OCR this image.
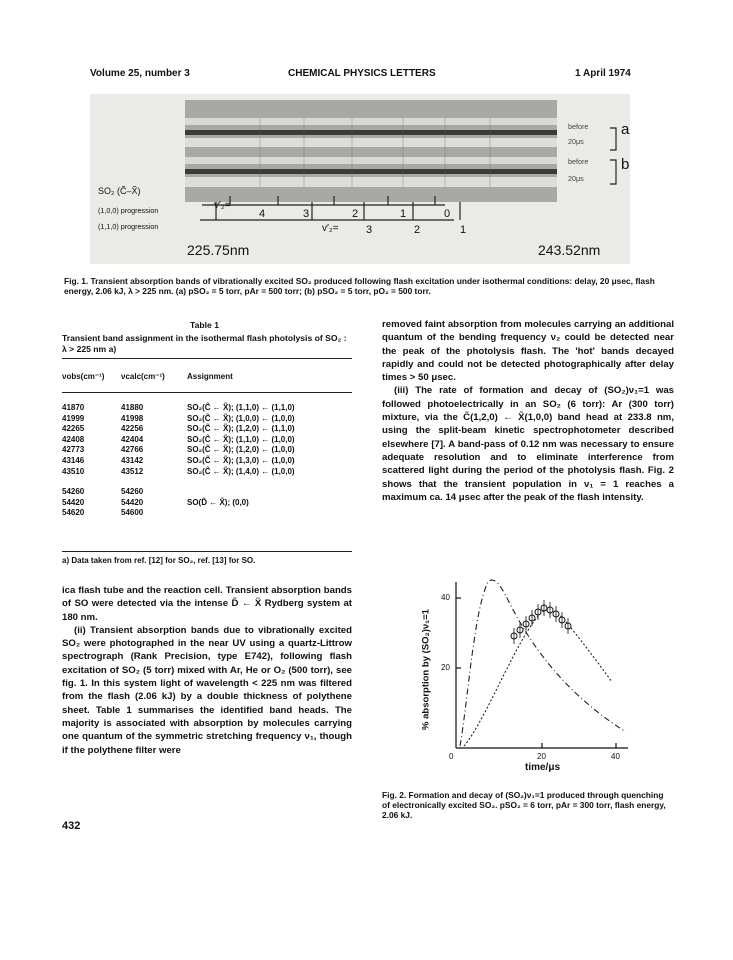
Volume 25, number 3	CHEMICAL PHYSICS LETTERS	1 April 1974
SO₂ (C̃–X̃)
(1,0,0) progression
(1,1,0) progression
before
20μs
before
20μs
a
b
v′₂=
v′₂=
4	3	2	1	0
3	2	1
225.75nm	243.52nm
Fig. 1. Transient absorption bands of vibrationally excited SO₂ produced following flash excitation under isothermal conditions: delay, 20 μsec, flash energy, 2.06 kJ, λ > 225 nm. (a) pSO₂ = 5 torr, pAr = 500 torr; (b) pSO₂ = 5 torr, pO₂ = 500 torr.
Table 1
Transient band assignment in the isothermal flash photolysis of SO₂ : λ > 225 nm a)
νobs(cm⁻¹)	νcalc(cm⁻¹)	Assignment
41870	41880	SO₂(C̃ ← X̃); (1,1,0) ← (1,1,0)
41999	41998	SO₂(C̃ ← X̃); (1,0,0) ← (1,0,0)
42265	42256	SO₂(C̃ ← X̃); (1,2,0) ← (1,1,0)
42408	42404	SO₂(C̃ ← X̃); (1,1,0) ← (1,0,0)
42773	42766	SO₂(C̃ ← X̃); (1,2,0) ← (1,0,0)
43146	43142	SO₂(C̃ ← X̃); (1,3,0) ← (1,0,0)
43510	43512	SO₂(C̃ ← X̃); (1,4,0) ← (1,0,0)
54260	54260	
54420	54420	SO(D̃ ← X̃); (0,0)
54620	54600	
a) Data taken from ref. [12] for SO₂, ref. [13] for SO.

ica flash tube and the reaction cell. Transient absorption bands of SO were detected via the intense D̃ ← X̃ Rydberg system at 180 nm.

(ii) Transient absorption bands due to vibrationally excited SO₂ were photographed in the near UV using a quartz-Littrow spectrograph (Rank Precision, type E742), following flash excitation of SO₂ (5 torr) mixed with Ar, He or O₂ (500 torr), see fig. 1. In this system light of wavelength < 225 nm was filtered from the flash (2.06 kJ) by a double thickness of polythene sheet. Table 1 summarises the identified band heads. The majority is associated with absorption by molecules carrying one quantum of the symmetric stretching frequency ν₁, though if the polythene filter were

removed faint absorption from molecules carrying an additional quantum of the bending frequency ν₂ could be detected near the peak of the photolysis flash. The 'hot' bands decayed rapidly and could not be detected photographically after delay times > 50 μsec.

(iii) The rate of formation and decay of (SO₂)ν₁=1 was followed photoelectrically in an SO₂ (6 torr): Ar (300 torr) mixture, via the C̃(1,2,0) ← X̃(1,0,0) band head at 233.8 nm, using the split-beam kinetic spectrophotometer described elsewhere [7]. A band-pass of 0.12 nm was necessary to ensure adequate resolution and to eliminate interference from scattered light during the period of the photolysis flash. Fig. 2 shows that the transient population in ν₁ = 1 reaches a maximum ca. 14 μsec after the peak of the flash intensity.

40
20
0	20	40
time/μs
% absorption by (SO₂)ν₁=1
Fig. 2. Formation and decay of (SO₂)ν₁=1 produced through quenching of electronically excited SO₂. pSO₂ = 6 torr, pAr = 300 torr, flash energy, 2.06 kJ.
432
